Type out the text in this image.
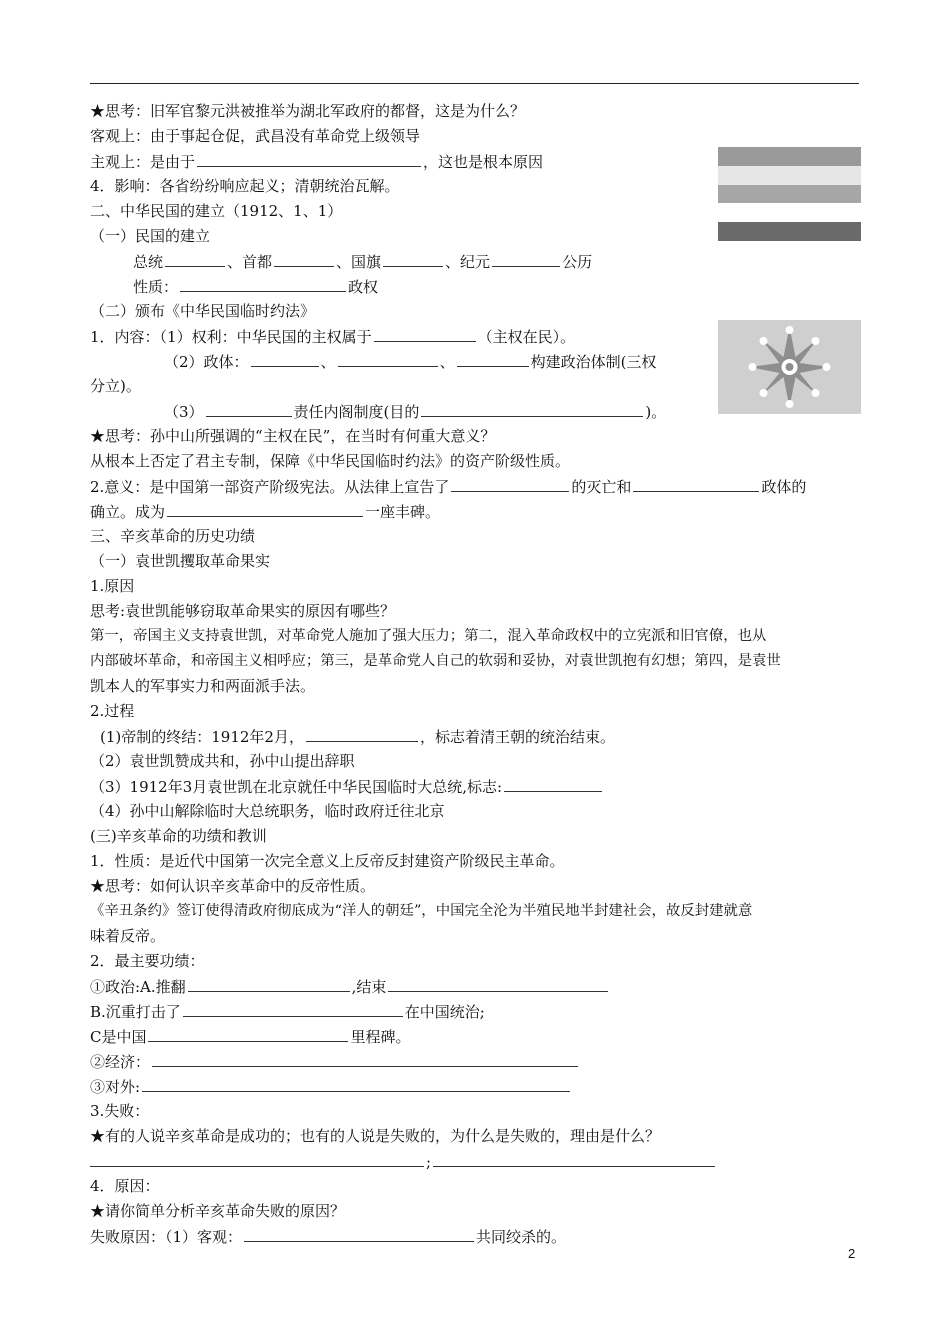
★思考：旧军官黎元洪被推举为湖北军政府的都督，这是为什么？
客观上：由于事起仓促，武昌没有革命党上级领导
主观上：是由于	，这也是根本原因
4．影响：各省纷纷响应起义；清朝统治瓦解。
二、中华民国的建立（1912、1、1）
（一）民国的建立
总统	、首都	、国旗	、纪元	公历
性质：	政权
（二）颁布《中华民国临时约法》
1．内容：（1）权利：中华民国的主权属于	（主权在民）。
（2）政体：	、	、	构建政治体制(三权
分立)。
（3）	责任内阁制度(目的	)。
★思考：孙中山所强调的“主权在民”，在当时有何重大意义？
从根本上否定了君主专制，保障《中华民国临时约法》的资产阶级性质。
2.意义：是中国第一部资产阶级宪法。从法律上宣告了	的灭亡和	政体的
确立。成为	一座丰碑。
三、辛亥革命的历史功绩
（一）袁世凯攫取革命果实
1.原因
思考:袁世凯能够窃取革命果实的原因有哪些？
第一，帝国主义支持袁世凯，对革命党人施加了强大压力；第二，混入革命政权中的立宪派和旧官僚，也从
内部破坏革命，和帝国主义相呼应；第三，是革命党人自己的软弱和妥协，对袁世凯抱有幻想；第四，是袁世
凯本人的军事实力和两面派手法。
2.过程
(1)帝制的终结：1912年2月，	，标志着清王朝的统治结束。
（2）袁世凯赞成共和，孙中山提出辞职
（3）1912年3月袁世凯在北京就任中华民国临时大总统,标志:
（4）孙中山解除临时大总统职务，临时政府迁往北京
(三)辛亥革命的功绩和教训
1．性质：是近代中国第一次完全意义上反帝反封建资产阶级民主革命。
★思考：如何认识辛亥革命中的反帝性质。
《辛丑条约》签订使得清政府彻底成为“洋人的朝廷”，中国完全沦为半殖民地半封建社会，故反封建就意
味着反帝。
2．最主要功绩：
①政治:A.推翻	,结束
B.沉重打击了	在中国统治;
C是中国	里程碑。
②经济：
③对外:
3.失败：
★有的人说辛亥革命是成功的；也有的人说是失败的，为什么是失败的，理由是什么？
;
4．原因：
★请你简单分析辛亥革命失败的原因？
失败原因：（1）客观：	共同绞杀的。
2
